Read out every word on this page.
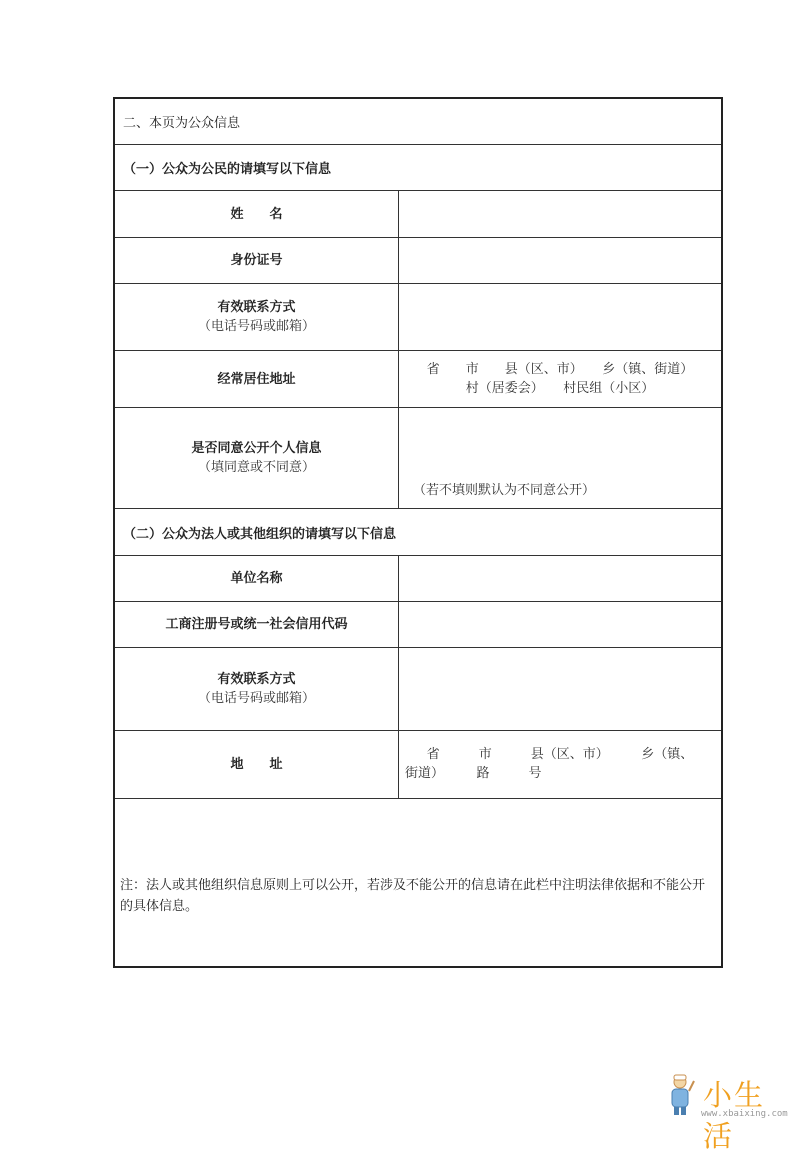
二、本页为公众信息
（一）公众为公民的请填写以下信息
姓　　名
身份证号
有效联系方式
（电话号码或邮箱）
经常居住地址
省　　市　　县（区、市）　　乡（镇、街道）
村（居委会）　　村民组（小区）
是否同意公开个人信息
（填同意或不同意）
（若不填则默认为不同意公开）
（二）公众为法人或其他组织的请填写以下信息
单位名称
工商注册号或统一社会信用代码
有效联系方式
（电话号码或邮箱）
地　　址
省　　　市　　　县（区、市）　　　乡（镇、
街道）　　　路　　　号
注：法人或其他组织信息原则上可以公开，若涉及不能公开的信息请在此栏中注明法律依据和不能公开的具体信息。
小生活
www.xbaixing.com
